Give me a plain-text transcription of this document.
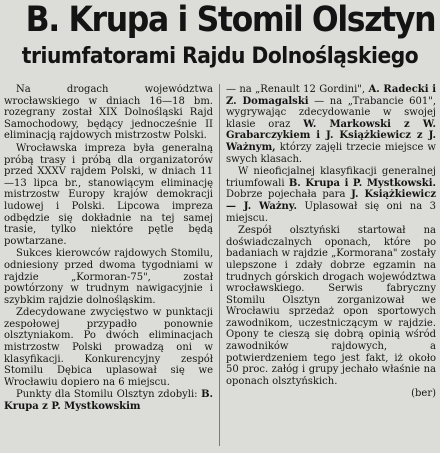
B. Krupa i Stomil Olsztyn
triumfatorami Rajdu Dolnośląskiego

Na drogach województwa wrocławskiego w dniach 16—18 bm. rozegrany został XIX Dolnośląski Rajd Samochodowy, będący jednocześnie II eliminacją rajdowych mistrzostw Polski.

Wrocławska impreza była generalną próbą trasy i próbą dla organizatorów przed XXXV rajdem Polski, w dniach 11—13 lipca br., stanowiącym eliminację mistrzostw Europy krajów demokracji ludowej i Polski. Lipcowa impreza odbędzie się dokładnie na tej samej trasie, tylko niektóre pętle będą powtarzane.

Sukces kierowców rajdowych Stomilu, odniesiony przed dwoma tygodniami w rajdzie „Kormoran-75", został powtórzony w trudnym nawigacyjnie i szybkim rajdzie dolnośląskim.

Zdecydowane zwycięstwo w punktacji zespołowej przypadło ponownie olsztyniakom. Po dwóch eliminacjach mistrzostw Polski prowadzą oni w klasyfikacji. Konkurencyjny zespół Stomilu Dębica uplasował się we Wrocławiu dopiero na 6 miejscu.

Punkty dla Stomilu Olsztyn zdobyli: B. Krupa z P. Mystkowskim

— na „Renault 12 Gordini", A. Radecki i Z. Domagalski — na „Trabancie 601", wygrywając zdecydowanie w swojej klasie oraz W. Markowski z W. Grabarczykiem i J. Książkiewicz z J. Ważnym, którzy zajęli trzecie miejsce w swych klasach.

W nieoficjalnej klasyfikacji generalnej triumfowali B. Krupa i P. Mystkowski. Dobrze pojechała para J. Książkiewicz — J. Ważny. Uplasował się oni na 3 miejscu.

Zespół olsztyński startował na doświadczalnych oponach, które po badaniach w rajdzie „Kormorana" zostały ulepszone i zdały dobrze egzamin na trudnych górskich drogach województwa wrocławskiego. Serwis fabryczny Stomilu Olsztyn zorganizował we Wrocławiu sprzedaż opon sportowych zawodnikom, uczestniczącym w rajdzie. Opony te cieszą się dobrą opinią wśród zawodników rajdowych, a potwierdzeniem tego jest fakt, iż około 50 proc. załóg i grupy jechało właśnie na oponach olsztyńskich.

(ber)
